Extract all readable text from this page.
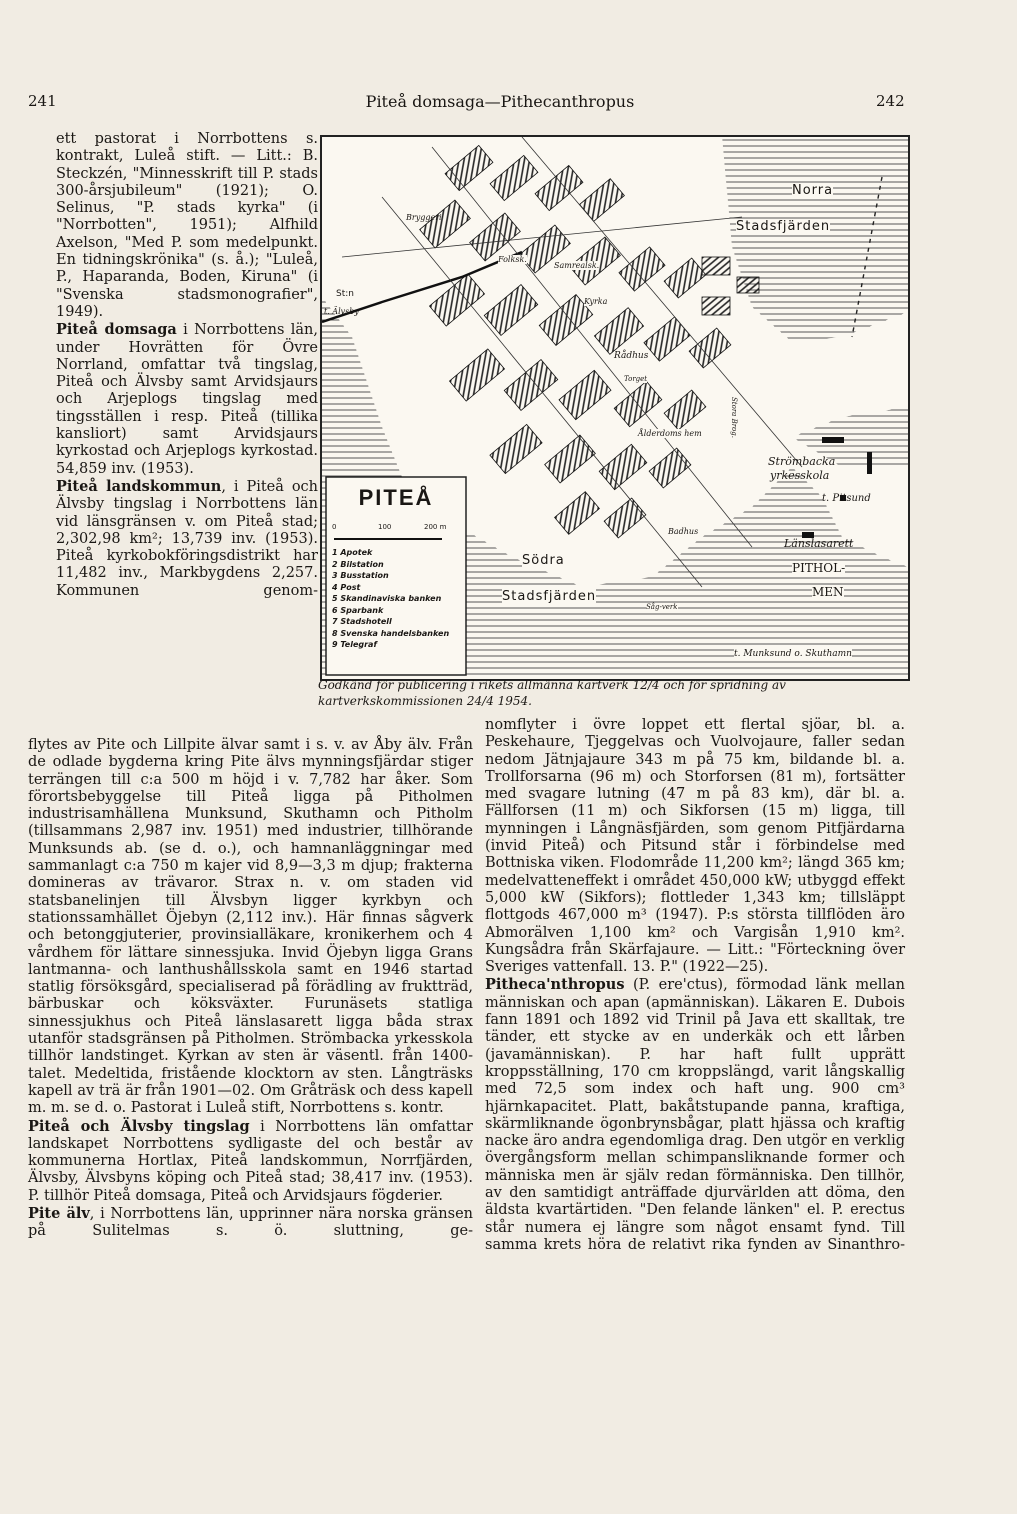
241	Piteå domsaga—Pithecanthropus	242

ett pastorat i Norrbottens s. kontrakt, Luleå stift. — Litt.: B. Steckzén, "Minnesskrift till P. stads 300-årsjubileum" (1921); O. Selinus, "P. stads kyrka" (i "Norrbotten", 1951); Alfhild Axelson, "Med P. som medelpunkt. En tidningskrönika" (s. å.); "Luleå, P., Haparanda, Boden, Kiruna" (i "Svenska stadsmonografier", 1949).

Piteå domsaga i Norrbottens län, under Hovrätten för Övre Norrland, omfattar två tingslag, Piteå och Älvsby samt Arvidsjaurs och Arjeplogs tingslag med tingsställen i resp. Piteå (tillika kansliort) samt Arvidsjaurs kyrkostad och Arjeplogs kyrkostad. 54,859 inv. (1953).

Piteå landskommun, i Piteå och Älvsby tingslag i Norrbottens län vid länsgränsen v. om Piteå stad; 2,302,98 km²; 13,739 inv. (1953). Piteå kyrkobokföringsdistrikt har 11,482 inv., Markbygdens 2,257. Kommunen genom-

PITEÅ
0	100	200 m
1 Apotek
2 Bilstation
3 Busstation
4 Post
5 Skandinaviska banken
6 Sparbank
7 Stadshotell
8 Svenska handelsbanken
9 Telegraf
Norra
Stadsfjärden
Södra
Stadsfjärden
Strömbacka
yrkesskola
t. Pitsund
Länslasarett
PITHOL-
MEN
t. Munksund o. Skuthamn
St:n
t. Älvsby
Bryggeri
Folksk.
Samrealsk.
Kyrka
Rådhus
Torget
Ålderdoms hem
Badhus
Stora Brog.
Såg-verk
Godkänd för publicering i rikets allmänna kartverk 12/4 och för spridning av kartverkskommissionen 24/4 1954.

flytes av Pite och Lillpite älvar samt i s. v. av Åby älv. Från de odlade bygderna kring Pite älvs mynningsfjärdar stiger terrängen till c:a 500 m höjd i v. 7,782 har åker. Som förortsbebyggelse till Piteå ligga på Pitholmen industrisamhällena Munksund, Skuthamn och Pitholm (tillsammans 2,987 inv. 1951) med industrier, tillhörande Munksunds ab. (se d. o.), och hamnanläggningar med sammanlagt c:a 750 m kajer vid 8,9—3,3 m djup; frakterna domineras av trävaror. Strax n. v. om staden vid statsbanelinjen till Älvsbyn ligger kyrkbyn och stationssamhället Öjebyn (2,112 inv.). Här finnas sågverk och betonggjuterier, provinsialläkare, kronikerhem och 4 vårdhem för lättare sinnessjuka. Invid Öjebyn ligga Grans lantmanna- och lanthushållsskola samt en 1946 startad statlig försöksgård, specialiserad på förädling av fruktträd, bärbuskar och köksväxter. Furunäsets statliga sinnessjukhus och Piteå länslasarett ligga båda strax utanför stadsgränsen på Pitholmen. Strömbacka yrkesskola tillhör landstinget. Kyrkan av sten är väsentl. från 1400-talet. Medeltida, fristående klocktorn av sten. Långträsks kapell av trä är från 1901—02. Om Gråträsk och dess kapell m. m. se d. o. Pastorat i Luleå stift, Norrbottens s. kontr.

Piteå och Älvsby tingslag i Norrbottens län omfattar landskapet Norrbottens sydligaste del och består av kommunerna Hortlax, Piteå landskommun, Norrfjärden, Älvsby, Älvsbyns köping och Piteå stad; 38,417 inv. (1953). P. tillhör Piteå domsaga, Piteå och Arvidsjaurs fögderier.

Pite älv, i Norrbottens län, upprinner nära norska gränsen på Sulitelmas s. ö. sluttning, ge-

nomflyter i övre loppet ett flertal sjöar, bl. a. Peskehaure, Tjeggelvas och Vuolvojaure, faller sedan nedom Jätnjajaure 343 m på 75 km, bildande bl. a. Trollforsarna (96 m) och Storforsen (81 m), fortsätter med svagare lutning (47 m på 83 km), där bl. a. Fällforsen (11 m) och Sikforsen (15 m) ligga, till mynningen i Långnäsfjärden, som genom Pitfjärdarna (invid Piteå) och Pitsund står i förbindelse med Bottniska viken. Flodområde 11,200 km²; längd 365 km; medelvatteneffekt i området 450,000 kW; utbyggd effekt 5,000 kW (Sikfors); flottleder 1,343 km; tillsläppt flottgods 467,000 m³ (1947). P:s största tillflöden äro Abmorälven 1,100 km² och Vargisån 1,910 km². Kungsådra från Skärfajaure. — Litt.: "Förteckning över Sveriges vattenfall. 13. P." (1922—25).

Pitheca'nthropus (P. ere'ctus), förmodad länk mellan människan och apan (apmänniskan). Läkaren E. Dubois fann 1891 och 1892 vid Trinil på Java ett skalltak, tre tänder, ett stycke av en underkäk och ett lårben (javamänniskan). P. har haft fullt upprätt kroppsställning, 170 cm kroppslängd, varit långskallig med 72,5 som index och haft ung. 900 cm³ hjärnkapacitet. Platt, bakåtstupande panna, kraftiga, skärmliknande ögonbrynsbågar, platt hjässa och kraftig nacke äro andra egendomliga drag. Den utgör en verklig övergångsform mellan schimpansliknande former och människa men är själv redan förmänniska. Den tillhör, av den samtidigt anträffade djurvärlden att döma, den äldsta kvartärtiden. "Den felande länken" el. P. erectus står numera ej längre som något ensamt fynd. Till samma krets höra de relativt rika fynden av Sinanthro-
